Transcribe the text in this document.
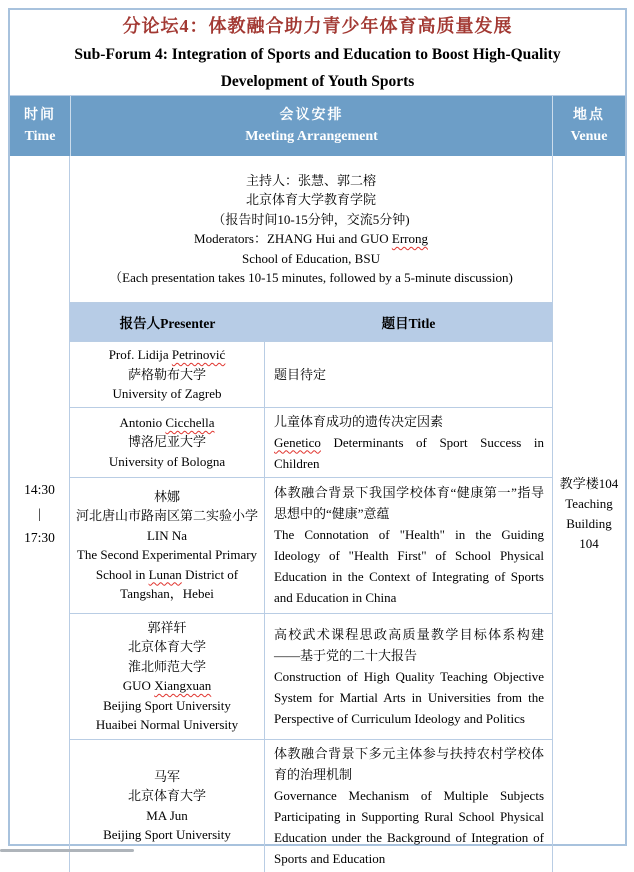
分论坛4：体教融合助力青少年体育高质量发展
Sub-Forum 4: Integration of Sports and Education to Boost High-Quality
Development of Youth Sports
时间
Time
会议安排
Meeting Arrangement
地点
Venue
14:30
|
17:30
主持人：张慧、郭二榕
北京体育大学教育学院
（报告时间10-15分钟，交流5分钟)
Moderators：ZHANG Hui and GUO Errong
School of Education, BSU
（Each presentation takes 10-15 minutes, followed by a 5-minute discussion)
报告人Presenter	题目Title
Prof. Lidija Petrinović
萨格勒布大学
University of Zagreb
题目待定
Antonio Cicchella
博洛尼亚大学
University of Bologna
儿童体育成功的遗传决定因素
Genetico Determinants of Sport Success in Children
林娜
河北唐山市路南区第二实验小学
LIN Na
The Second Experimental Primary School in Lunan District of Tangshan，Hebei
体教融合背景下我国学校体育“健康第一”指导思想中的“健康”意蕴
The Connotation of "Health" in the Guiding Ideology of "Health First" of School Physical Education in the Context of Integrating of Sports and Education in China
郭祥轩
北京体育大学
淮北师范大学
GUO Xiangxuan
Beijing Sport University
Huaibei Normal University
高校武术课程思政高质量教学目标体系构建——基于党的二十大报告
Construction of High Quality Teaching Objective System for Martial Arts in Universities from the Perspective of Curriculum Ideology and Politics
马军
北京体育大学
MA Jun
Beijing Sport University
体教融合背景下多元主体参与扶持农村学校体育的治理机制
Governance Mechanism of Multiple Subjects Participating in Supporting Rural School Physical Education under the Background of Integration of Sports and Education
教学楼104
Teaching
Building
104
